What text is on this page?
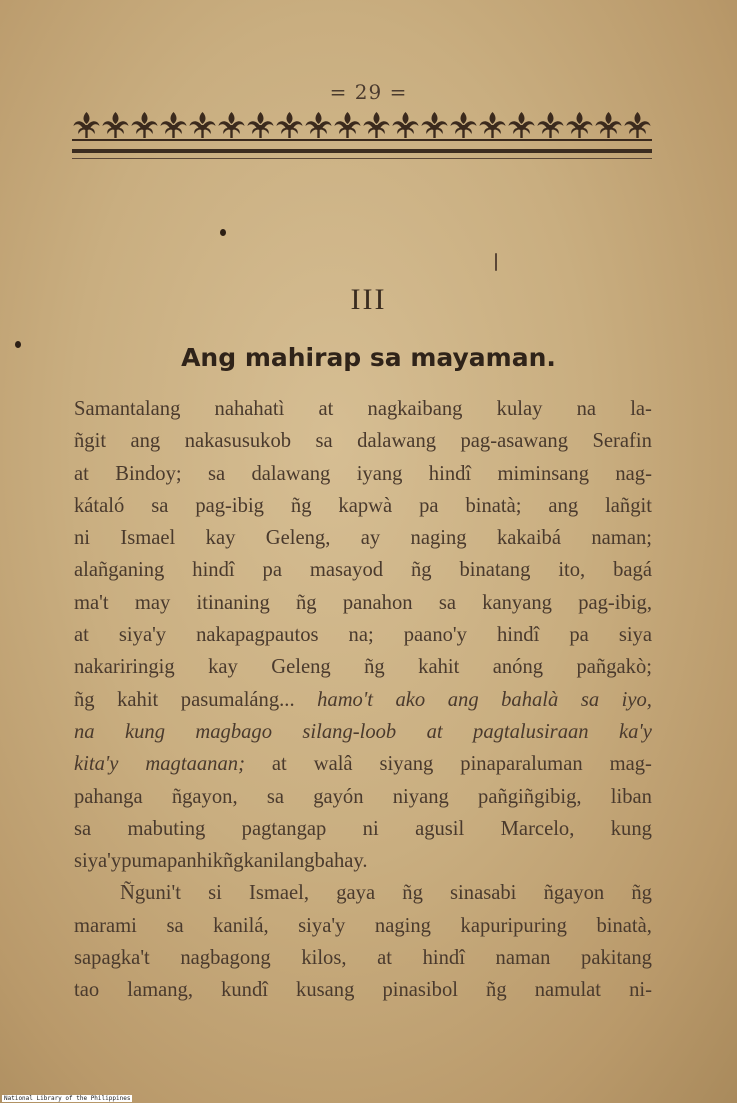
= 29 =
III
Ang mahirap sa mayaman.
Samantalang nahahatì at nagkaibang kulay na la-
ñgit ang nakasusukob sa dalawang pag-asawang Serafin
at Bindoy; sa dalawang iyang hindî miminsang nag-
kátaló sa pag-ibig ñg kapwà pa binatà; ang lañgit
ni Ismael kay Geleng, ay naging kakaibá naman;
alañganing hindî pa masayod ñg binatang ito, bagá
ma't may itinaning ñg panahon sa kanyang pag-ibig,
at siya'y nakapagpautos na; paano'y hindî pa siya
nakariringig kay Geleng ñg kahit anóng pañgakò;
ñg kahit pasumaláng... hamo't ako ang bahalà sa iyo,
na kung magbago silang-loob at pagtalusiraan ka'y
kita'y magtaanan; at walâ siyang pinaparaluman mag-
pahanga ñgayon, sa gayón niyang pañgiñgibig, liban
sa mabuting pagtangap ni agusil Marcelo, kung
siya'y pumapanhik ñg kanilang bahay.
Ñguni't si Ismael, gaya ñg sinasabi ñgayon ñg
marami sa kanilá, siya'y naging kapuripuring binatà,
sapagka't nagbagong kilos, at hindî naman pakitang
tao lamang, kundî kusang pinasibol ñg namulat ni-
National Library of the Philippines
